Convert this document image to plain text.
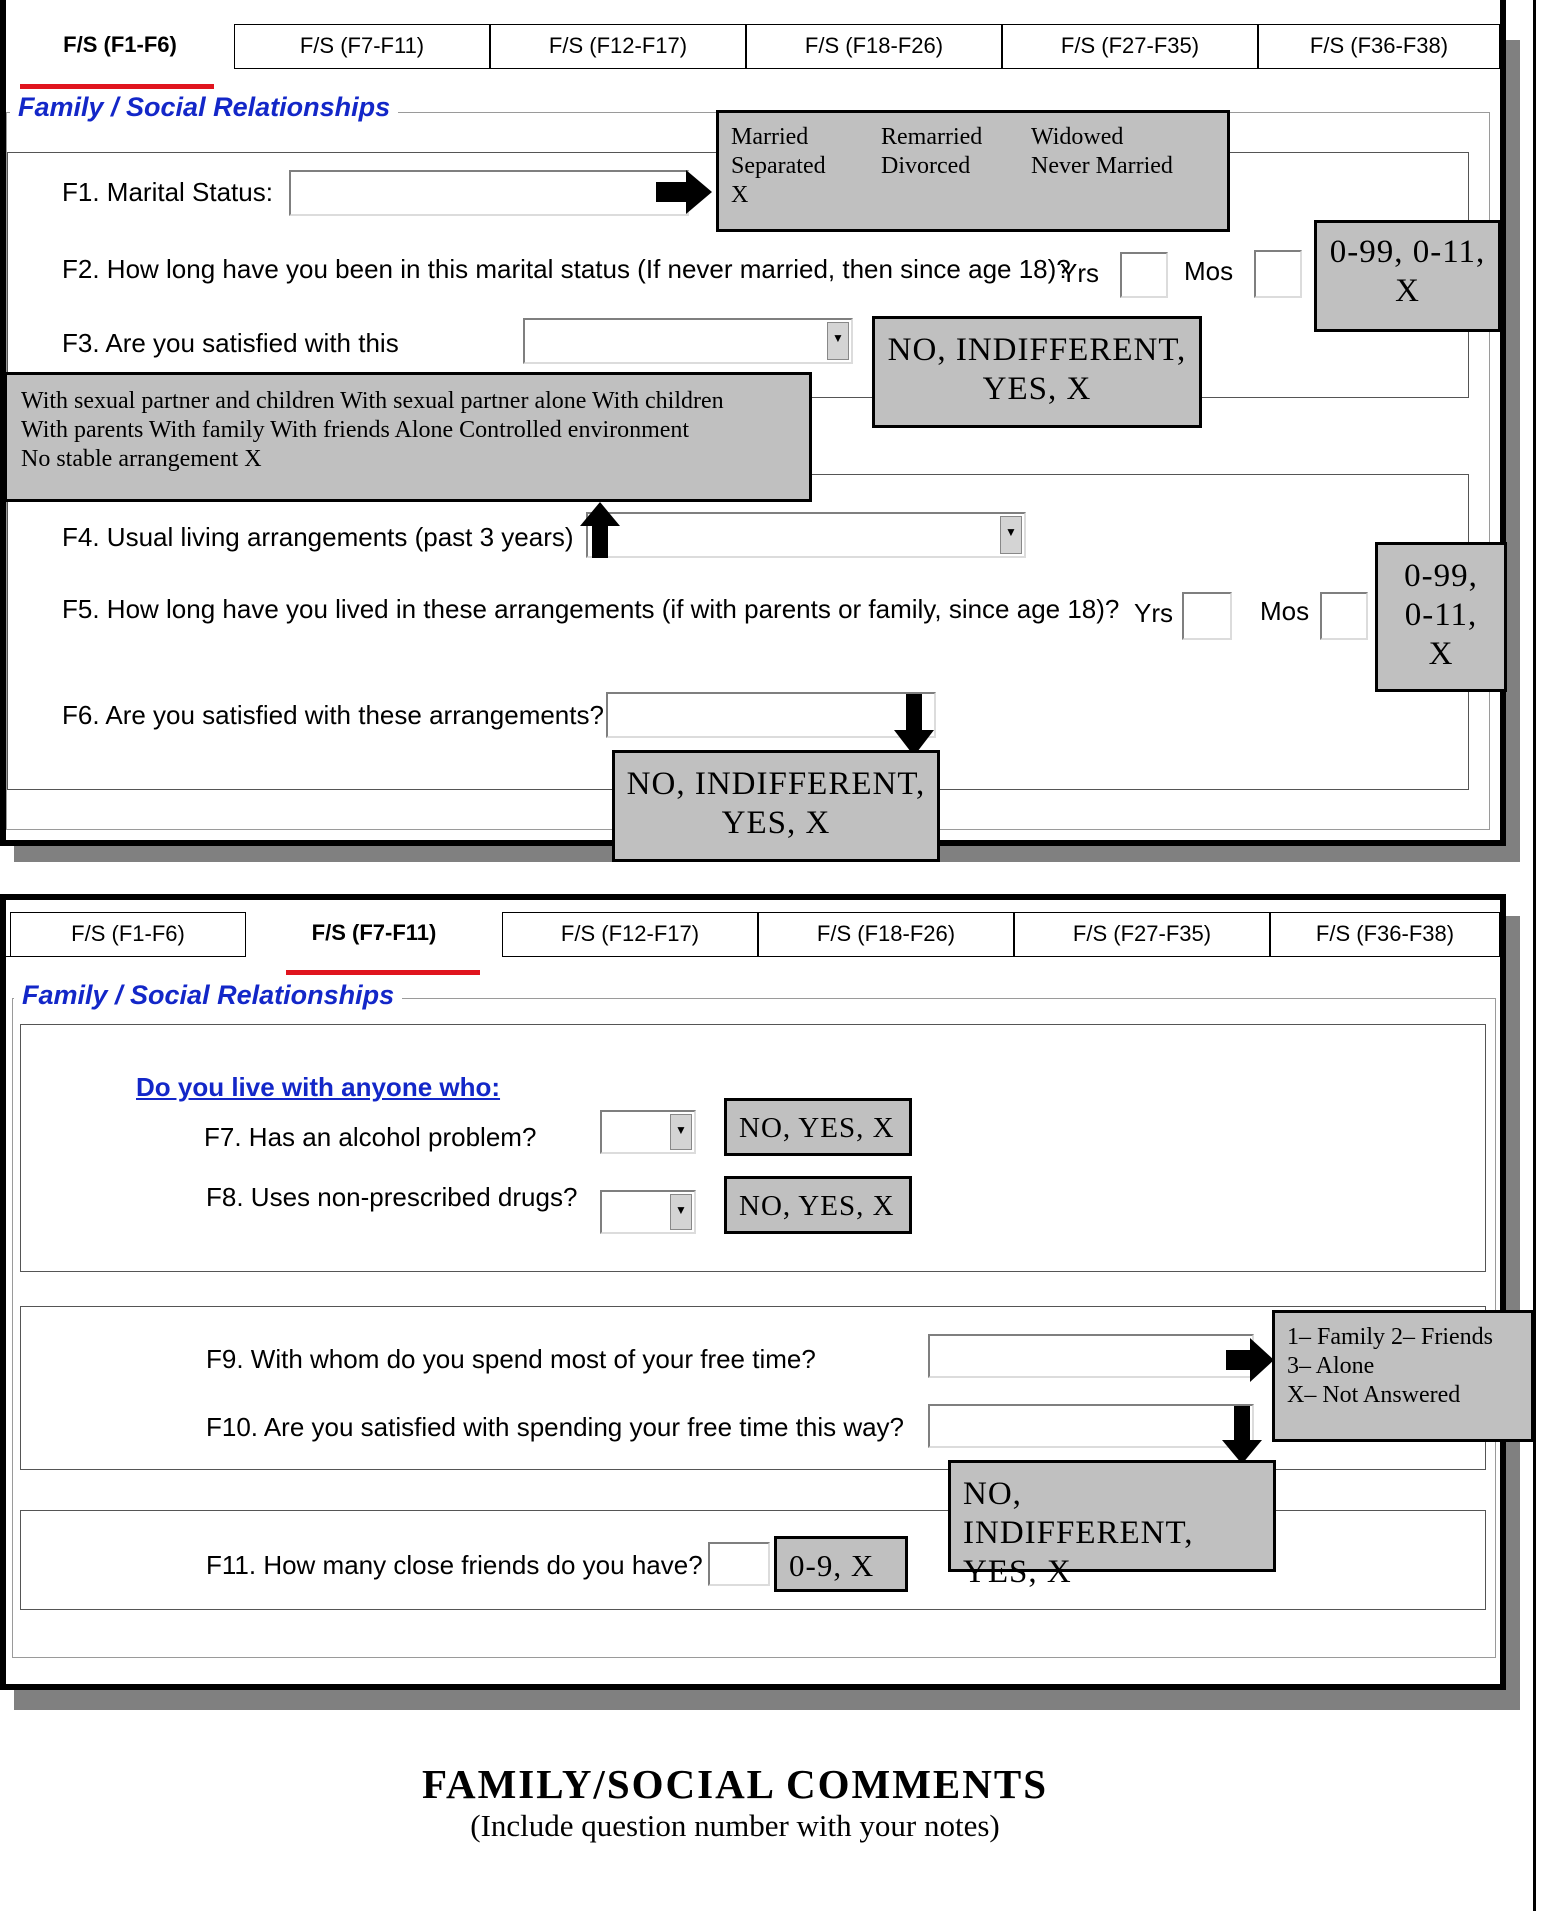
F/S (F1-F6)	F/S (F7-F11)	F/S (F12-F17)	F/S (F18-F26)	F/S (F27-F35)	F/S (F36-F38)
Family / Social Relationships
F1. Marital Status:
F2. How long have you been in this marital status (If never married, then since age 18)?
Yrs	Mos
F3. Are you satisfied with this	▼
F4. Usual living arrangements (past 3 years)	▼
F5. How long have you lived in these arrangements (if with parents or family, since age 18)? Yrs	Mos
F6. Are you satisfied with these arrangements?
Married	Remarried	Widowed
Separated	Divorced	Never Married
X
0-99, 0-11,
X
NO, INDIFFERENT,
YES, X
With sexual partner and children With sexual partner alone With children
With parents With family With friends Alone Controlled environment
No stable arrangement X
0-99,
0-11,
X
NO, INDIFFERENT,
YES, X
F/S (F1-F6)	F/S (F7-F11)	F/S (F12-F17)	F/S (F18-F26)	F/S (F27-F35)	F/S (F36-F38)
Family / Social Relationships
Do you live with anyone who:
F7. Has an alcohol problem?	▼
F8. Uses non-prescribed drugs?	▼
F9. With whom do you spend most of your free time?
F10. Are you satisfied with spending your free time this way?
F11. How many close friends do you have?
NO, YES, X
NO, YES, X
1– Family 2– Friends
3– Alone
X– Not Answered
NO, INDIFFERENT,
YES, X
0-9, X
FAMILY/SOCIAL COMMENTS
(Include question number with your notes)
